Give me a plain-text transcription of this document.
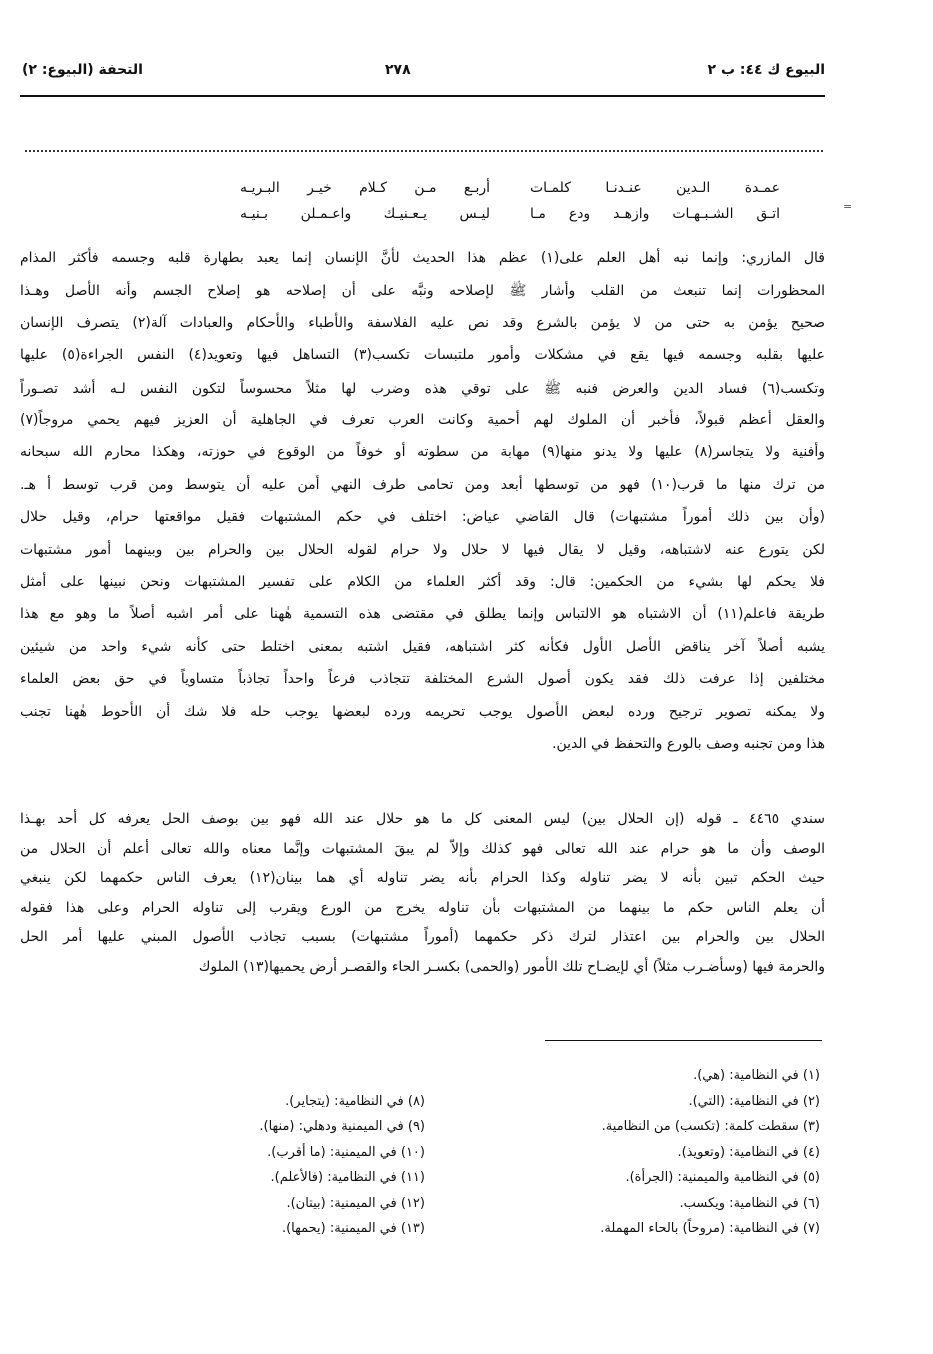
البيوع ك ٤٤: ب ٢
٢٧٨
التحفة (البيوع: ٢)
=
عمـدة الـدين عنـدنـا كلمـات
أربـع مـن كـلام خيـر البـريـه
اتـق الشـبـهـات وازهـد ودع مـا
ليـس يـعـنيـك واعـمـلن بـنيـه
قال المازري: وإنما نبه أهل العلم على(١) عظم هذا الحديث لأنَّ الإنسان إنما يعبد بطهارة قلبه وجسمه فأكثر المذام
المحظورات إنما تنبعث من القلب وأشار ﷺ لإصلاحه ونبَّه على أن إصلاحه هو إصلاح الجسم وأنه الأصل وهـذا
صحيح يؤمن به حتى من لا يؤمن بالشرع وقد نص عليه الفلاسفة والأطباء والأحكام والعبادات آلة(٢) يتصرف الإنسان
عليها بقلبه وجسمه فيها يقع في مشكلات وأمور ملتبسات تكسب(٣) التساهل فيها وتعويد(٤) النفس الجراءة(٥) عليها
وتكسب(٦) فساد الدين والعرض فنبه ﷺ على توقي هذه وضرب لها مثلاً محسوساً لتكون النفس لـه أشد تصـوراً
والعقل أعظم قبولاً، فأخبر أن الملوك لهم أحمية وكانت العرب تعرف في الجاهلية أن العزيز فيهم يحمي مروجاً(٧)
وأفنية ولا يتجاسر(٨) عليها ولا يدنو منها(٩) مهابة من سطوته أو خوفاً من الوقوع في حوزته، وهكذا محارم الله سبحانه
من ترك منها ما قرب(١٠) فهو من توسطها أبعد ومن تحامى طرف النهي أمن عليه أن يتوسط ومن قرب توسط أ هـ.
(وأن بين ذلك أموراً مشتبهات) قال القاضي عياض: اختلف في حكم المشتبهات فقيل مواقعتها حرام، وقيل حلال
لكن يتورع عنه لاشتباهه، وقيل لا يقال فيها لا حلال ولا حرام لقوله الحلال بين والحرام بين وبينهما أمور مشتبهات
فلا يحكم لها بشيء من الحكمين: قال: وقد أكثر العلماء من الكلام على تفسير المشتبهات ونحن نبينها على أمثل
طريقة فاعلم(١١) أن الاشتباه هو الالتباس وإنما يطلق في مقتضى هذه التسمية هٰهنا على أمر اشبه أصلاً ما وهو مع هذا
يشبه أصلاً آخر يناقض الأصل الأول فكأنه كثر اشتباهه، فقيل اشتبه بمعنى اختلط حتى كأنه شيء واحد من شيئين
مختلفين إذا عرفت ذلك فقد يكون أصول الشرع المختلفة تتجاذب فرعاً واحداً تجاذباً متساوياً في حق بعض العلماء
ولا يمكنه تصوير ترجيح ورده لبعض الأصول يوجب تحريمه ورده لبعضها يوجب حله فلا شك أن الأحوط هٰهنا تجنب
هذا ومن تجنبه وصف بالورع والتحفظ في الدين.
سندي ٤٤٦٥ ـ قوله (إن الحلال بين) ليس المعنى كل ما هو حلال عند الله فهو بين بوصف الحل يعرفه كل أحد بهـذا
الوصف وأن ما هو حرام عند الله تعالى فهو كذلك وإلاّ لم يبقَ المشتبهات وإنَّما معناه والله تعالى أعلم أن الحلال من
حيث الحكم تبين بأنه لا يضر تناوله وكذا الحرام بأنه يضر تناوله أي هما بينان(١٢) يعرف الناس حكمهما لكن ينبغي
أن يعلم الناس حكم ما بينهما من المشتبهات بأن تناوله يخرج من الورع ويقرب إلى تناوله الحرام وعلى هذا فقوله
الحلال بين والحرام بين اعتذار لترك ذكر حكمهما (أموراً مشتبهات) بسبب تجاذب الأصول المبني عليها أمر الحل
والحرمة فيها (وسأضـرب مثلاً) أي لإيضـاح تلك الأمور (والحمى) بكسـر الحاء والقصـر أرض يحميها(١٣) الملوك
(١) في النظامية: (هي).
(٢) في النظامية: (التي).
(٣) سقطت كلمة: (تكسب) من النظامية.
(٤) في النظامية: (وتعويذ).
(٥) في النظامية والميمنية: (الجرأة).
(٦) في النظامية: ويكسب.
(٧) في النظامية: (مروحاً) بالحاء المهملة.
(٨) في النظامية: (يتجاير).
(٩) في الميمنية ودهلي: (منها).
(١٠) في الميمنية: (ما أقرب).
(١١) في النظامية: (فالأعلم).
(١٢) في الميمنية: (بيتان).
(١٣) في الميمنية: (يحمها).
